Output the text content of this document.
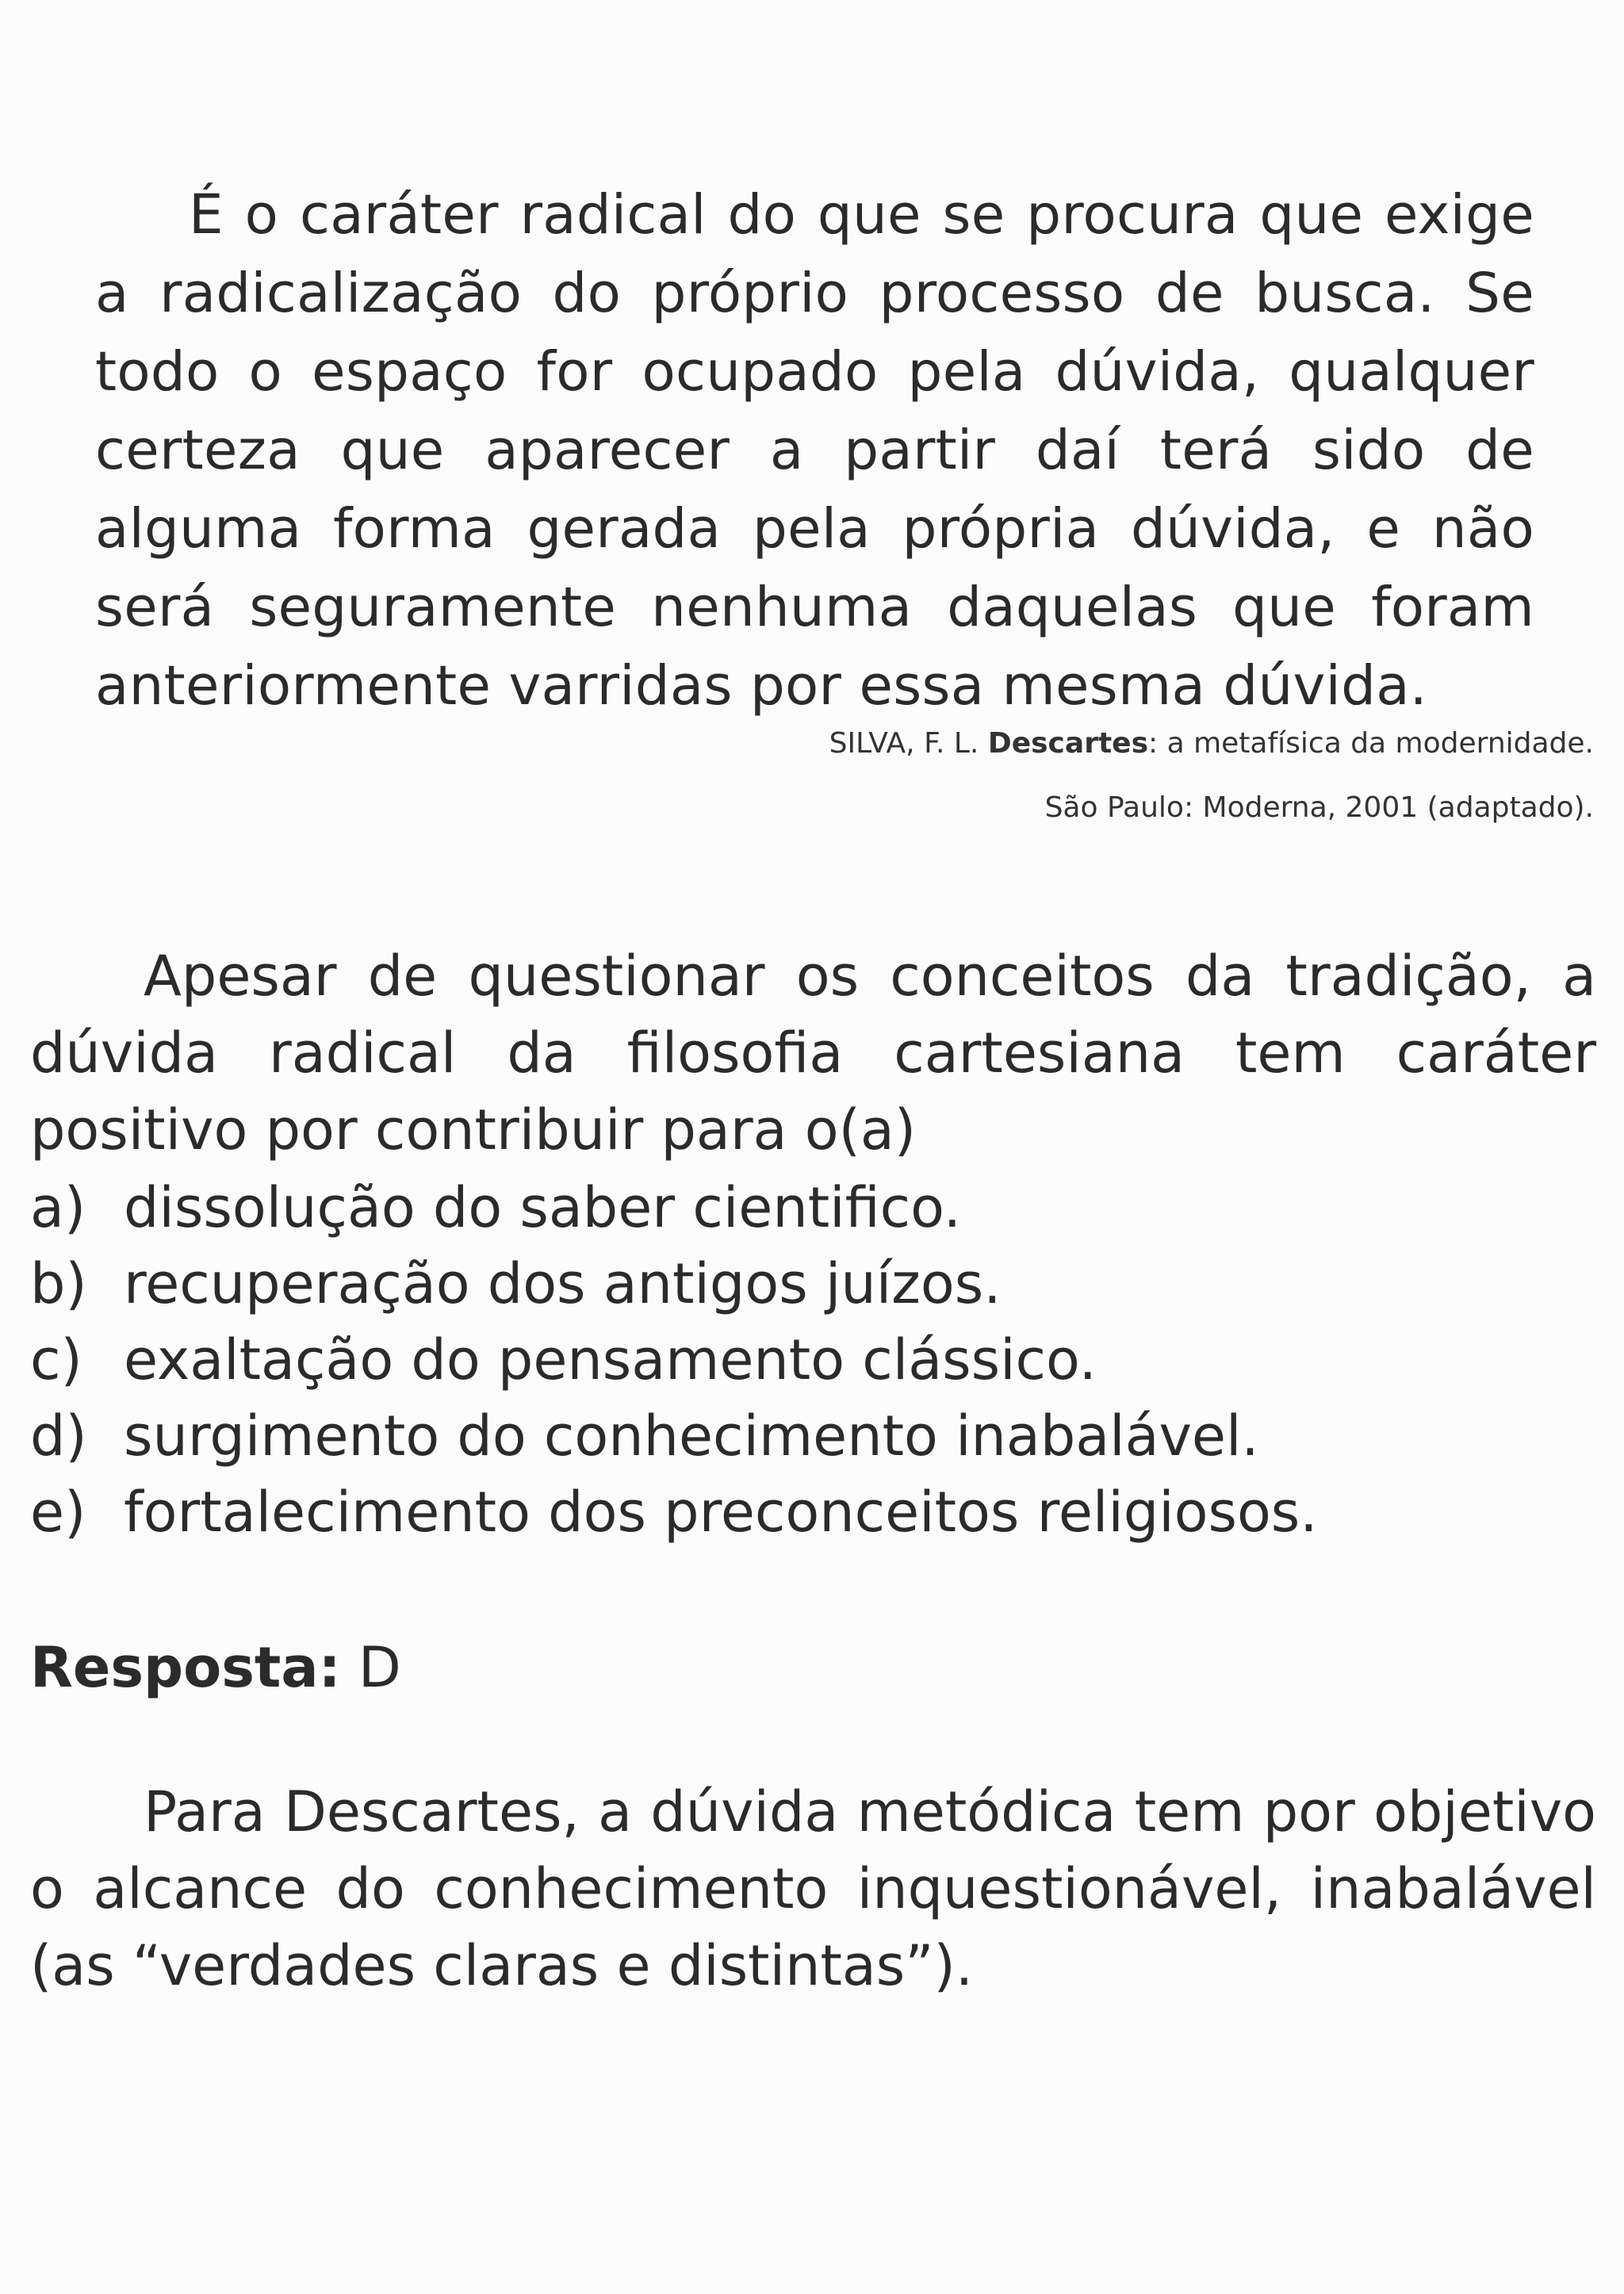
É o caráter radical do que se procura que exige a radicalização do próprio processo de busca. Se todo o espaço for ocupado pela dúvida, qualquer certeza que aparecer a partir daí terá sido de alguma forma gerada pela própria dúvida, e não será seguramente nenhuma daquelas que foram anteriormente varridas por essa mesma dúvida.

SILVA, F. L. Descartes: a metafísica da modernidade.

São Paulo: Moderna, 2001 (adaptado).

Apesar de questionar os conceitos da tradição, a dúvida radical da filosofia cartesiana tem caráter positivo por contribuir para o(a)

a) dissolução do saber cientifico.
b) recuperação dos antigos juízos.
c) exaltação do pensamento clássico.
d) surgimento do conhecimento inabalável.
e) fortalecimento dos preconceitos religiosos.

Resposta: D

Para Descartes, a dúvida metódica tem por objetivo o alcance do conhecimento inquestionável, inabalável (as “verdades claras e distintas”).
